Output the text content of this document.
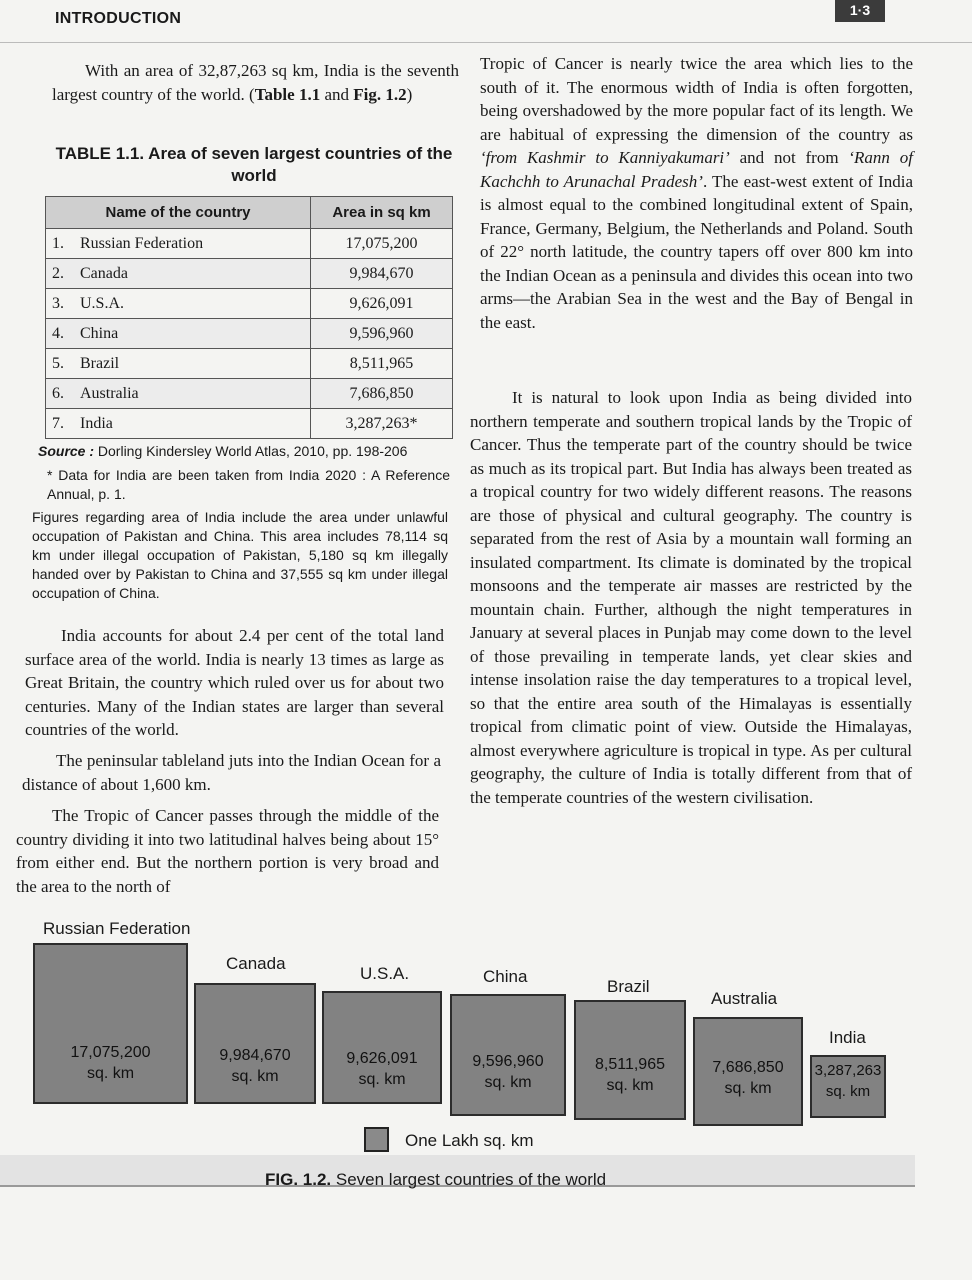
INTRODUCTION	1·3

With an area of 32,87,263 sq km, India is the seventh largest country of the world. (Table 1.1 and Fig. 1.2)

TABLE 1.1. Area of seven largest countries of the world
Name of the country	Area in sq km
1. Russian Federation	17,075,200
2. Canada	9,984,670
3. U.S.A.	9,626,091
4. China	9,596,960
5. Brazil	8,511,965
6. Australia	7,686,850
7. India	3,287,263*

Source : Dorling Kindersley World Atlas, 2010, pp. 198-206

* Data for India are been taken from India 2020 : A Reference Annual, p. 1.

Figures regarding area of India include the area under unlawful occupation of Pakistan and China. This area includes 78,114 sq km under illegal occupation of Pakistan, 5,180 sq km illegally handed over by Pakistan to China and 37,555 sq km under illegal occupation of China.

India accounts for about 2.4 per cent of the total land surface area of the world. India is nearly 13 times as large as Great Britain, the country which ruled over us for about two centuries. Many of the Indian states are larger than several countries of the world.

The peninsular tableland juts into the Indian Ocean for a distance of about 1,600 km.

The Tropic of Cancer passes through the middle of the country dividing it into two latitudinal halves being about 15° from either end. But the northern portion is very broad and the area to the north of

Tropic of Cancer is nearly twice the area which lies to the south of it. The enormous width of India is often forgotten, being overshadowed by the more popular fact of its length. We are habitual of expressing the dimension of the country as ‘from Kashmir to Kanniyakumari’ and not from ‘Rann of Kachchh to Arunachal Pradesh’. The east-west extent of India is almost equal to the combined longitudinal extent of Spain, France, Germany, Belgium, the Netherlands and Poland. South of 22° north latitude, the country tapers off over 800 km into the Indian Ocean as a peninsula and divides this ocean into two arms—the Arabian Sea in the west and the Bay of Bengal in the east.

It is natural to look upon India as being divided into northern temperate and southern tropical lands by the Tropic of Cancer. Thus the temperate part of the country should be twice as much as its tropical part. But India has always been treated as a tropical country for two widely different reasons. The reasons are those of physical and cultural geography. The country is separated from the rest of Asia by a mountain wall forming an insulated compartment. Its climate is dominated by the tropical monsoons and the temperate air masses are restricted by the mountain chain. Further, although the night temperatures in January at several places in Punjab may come down to the level of those prevailing in temperate lands, yet clear skies and intense insolation raise the day temperatures to a tropical level, so that the entire area south of the Himalayas is essentially tropical from climatic point of view. Outside the Himalayas, almost everywhere agriculture is tropical in type. As per cultural geography, the culture of India is totally different from that of the temperate countries of the western civilisation.

Russian Federation
17,075,200
sq. km
Canada
9,984,670
sq. km
U.S.A.
9,626,091
sq. km
China
9,596,960
sq. km
Brazil
8,511,965
sq. km
Australia
7,686,850
sq. km
India
3,287,263
sq. km
One Lakh sq. km
FIG. 1.2. Seven largest countries of the world
